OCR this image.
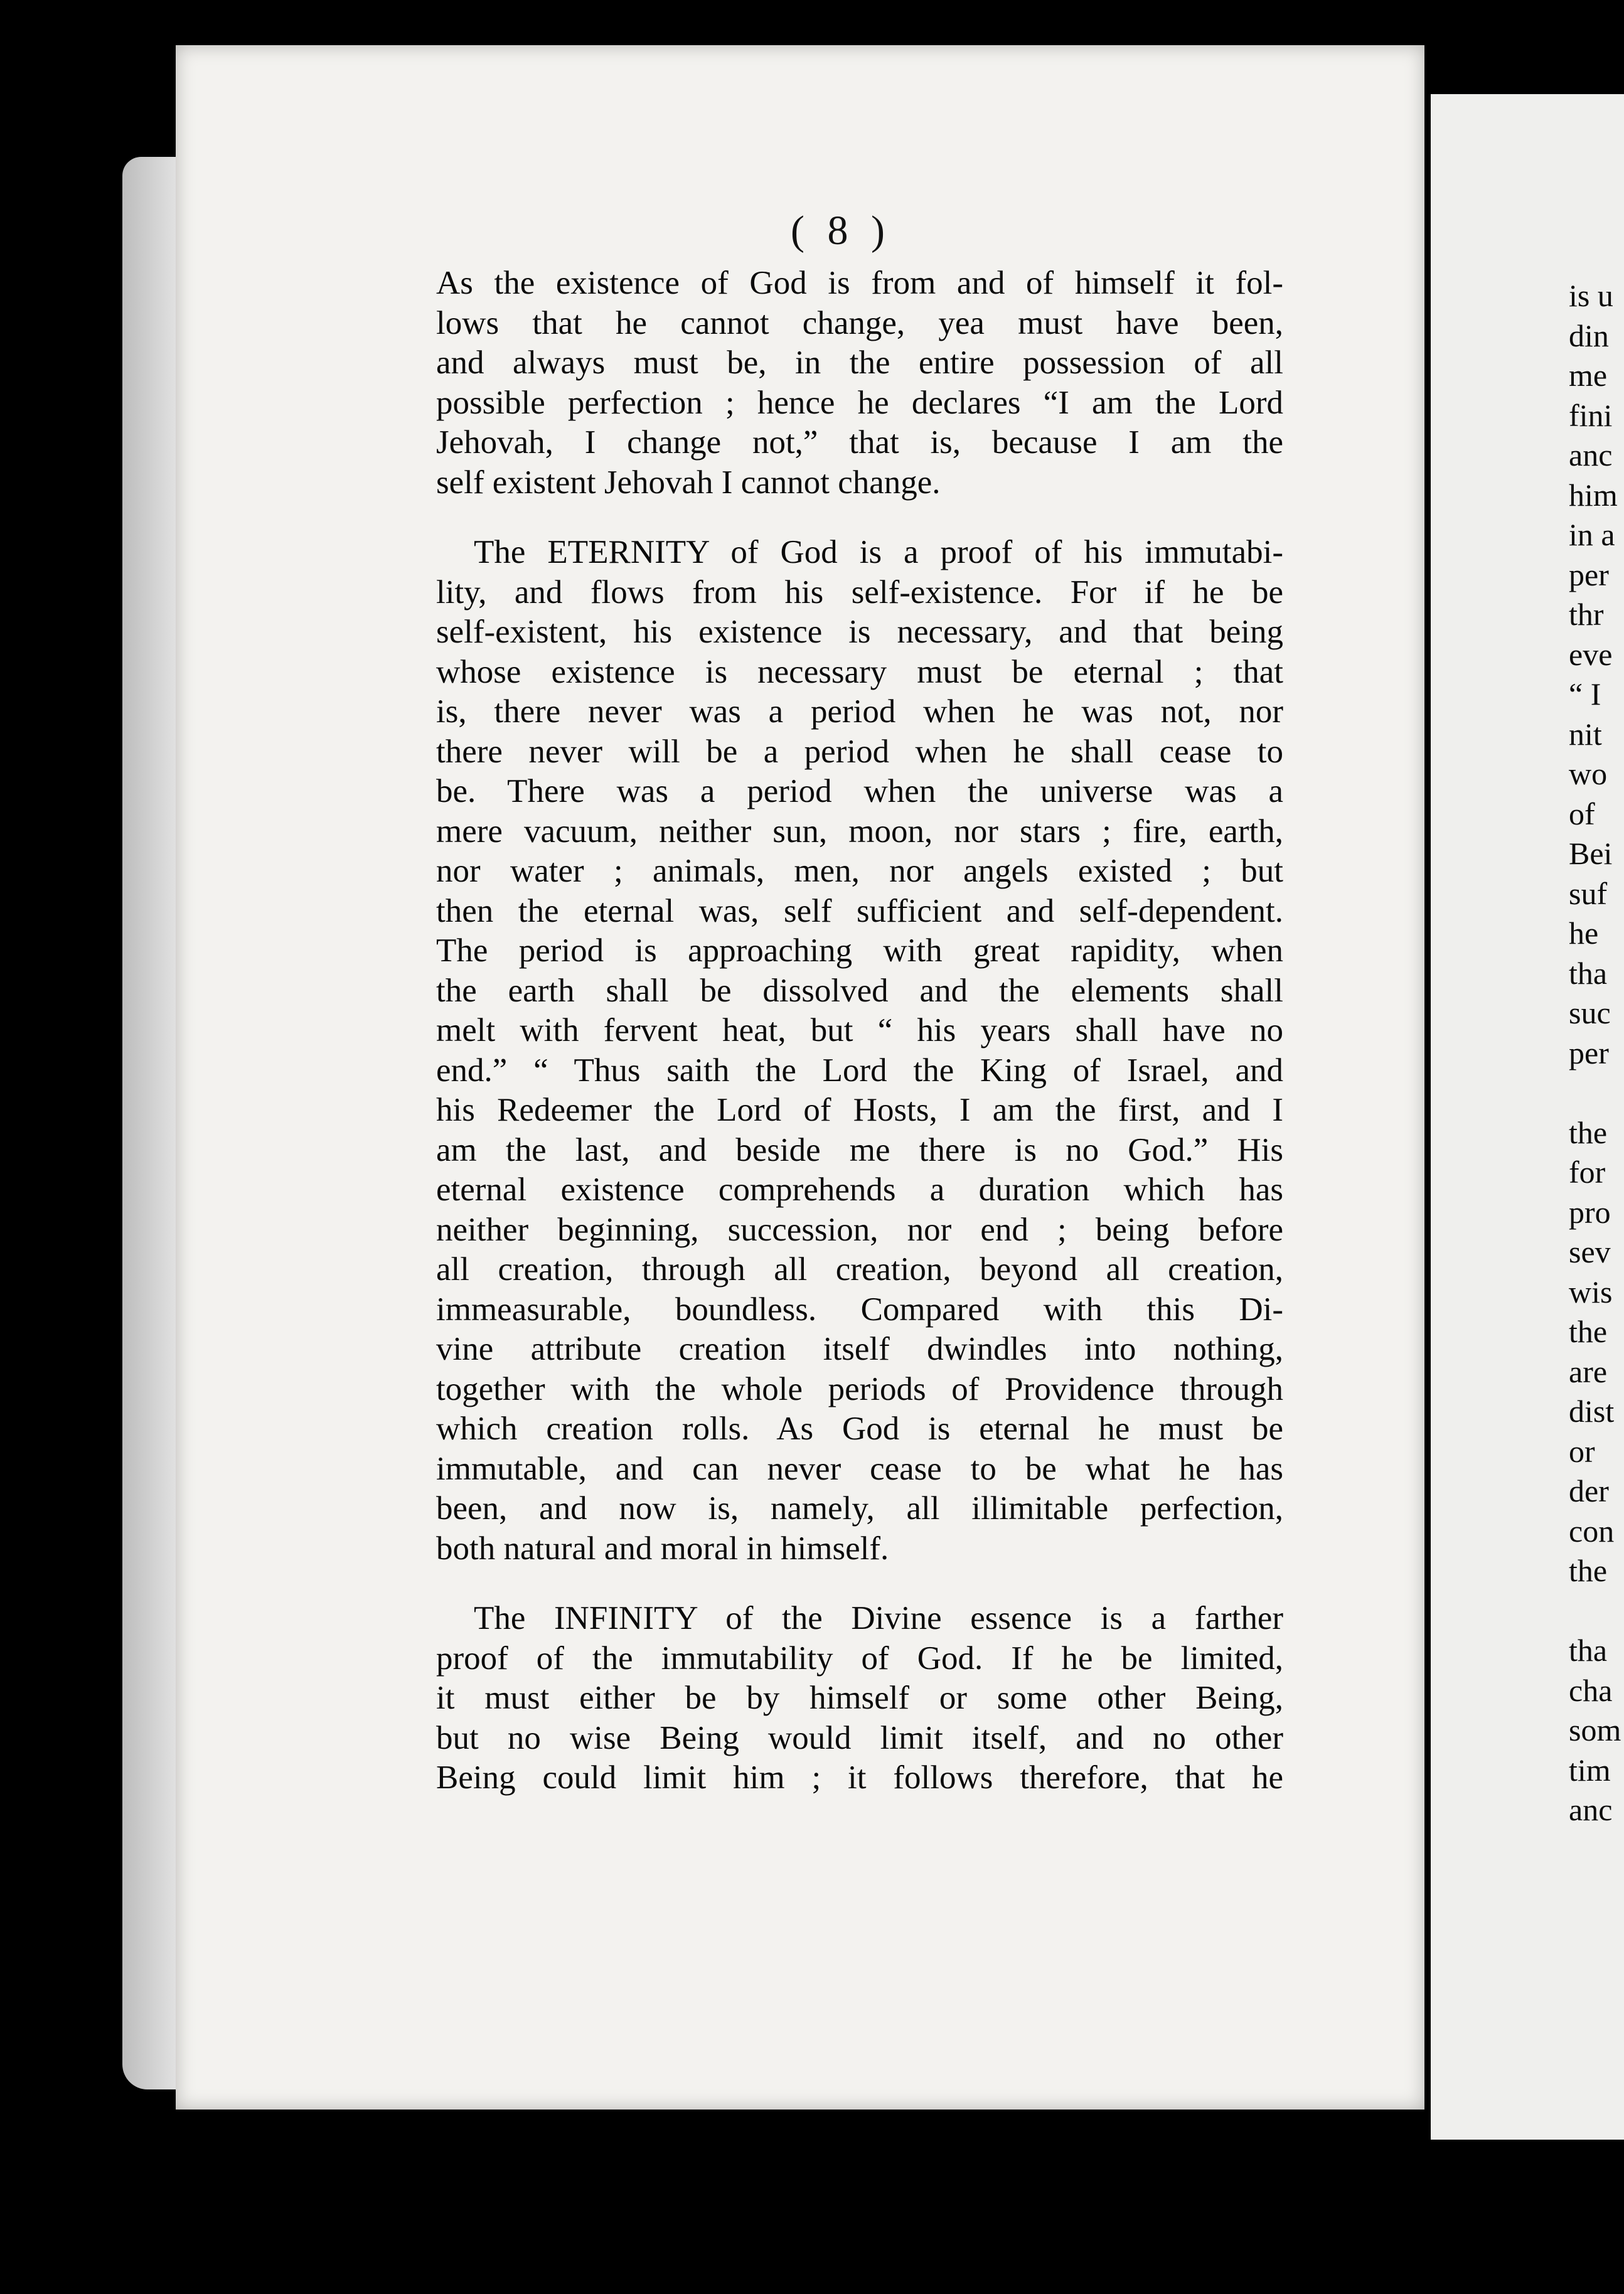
( 8 )
As the existence of God is from and of himself it fol-
lows that he cannot change, yea must have been,
and always must be, in the entire possession of all
possible perfection ; hence he declares “I am the Lord
Jehovah, I change not,” that is, because I am the
self existent Jehovah I cannot change.
The ETERNITY of God is a proof of his immutabi-
lity, and flows from his self-existence. For if he be
self-existent, his existence is necessary, and that being
whose existence is necessary must be eternal ; that
is, there never was a period when he was not, nor
there never will be a period when he shall cease to
be. There was a period when the universe was a
mere vacuum, neither sun, moon, nor stars ; fire, earth,
nor water ; animals, men, nor angels existed ; but
then the eternal was, self sufficient and self-dependent.
The period is approaching with great rapidity, when
the earth shall be dissolved and the elements shall
melt with fervent heat, but “ his years shall have no
end.” “ Thus saith the Lord the King of Israel, and
his Redeemer the Lord of Hosts, I am the first, and I
am the last, and beside me there is no God.” His
eternal existence comprehends a duration which has
neither beginning, succession, nor end ; being before
all creation, through all creation, beyond all creation,
immeasurable, boundless. Compared with this Di-
vine attribute creation itself dwindles into nothing,
together with the whole periods of Providence through
which creation rolls. As God is eternal he must be
immutable, and can never cease to be what he has
been, and now is, namely, all illimitable perfection,
both natural and moral in himself.
The INFINITY of the Divine essence is a farther
proof of the immutability of God. If he be limited,
it must either be by himself or some other Being,
but no wise Being would limit itself, and no other
Being could limit him ; it follows therefore, that he
is u
din
me
fini
anc
him
in a
per
thr
eve
“ I
nit
wo
of
Bei
suf
he
tha
suc
per

the
for
pro
sev
wis
the
are
dist
or
der
con
the

tha
cha
som
tim
anc
